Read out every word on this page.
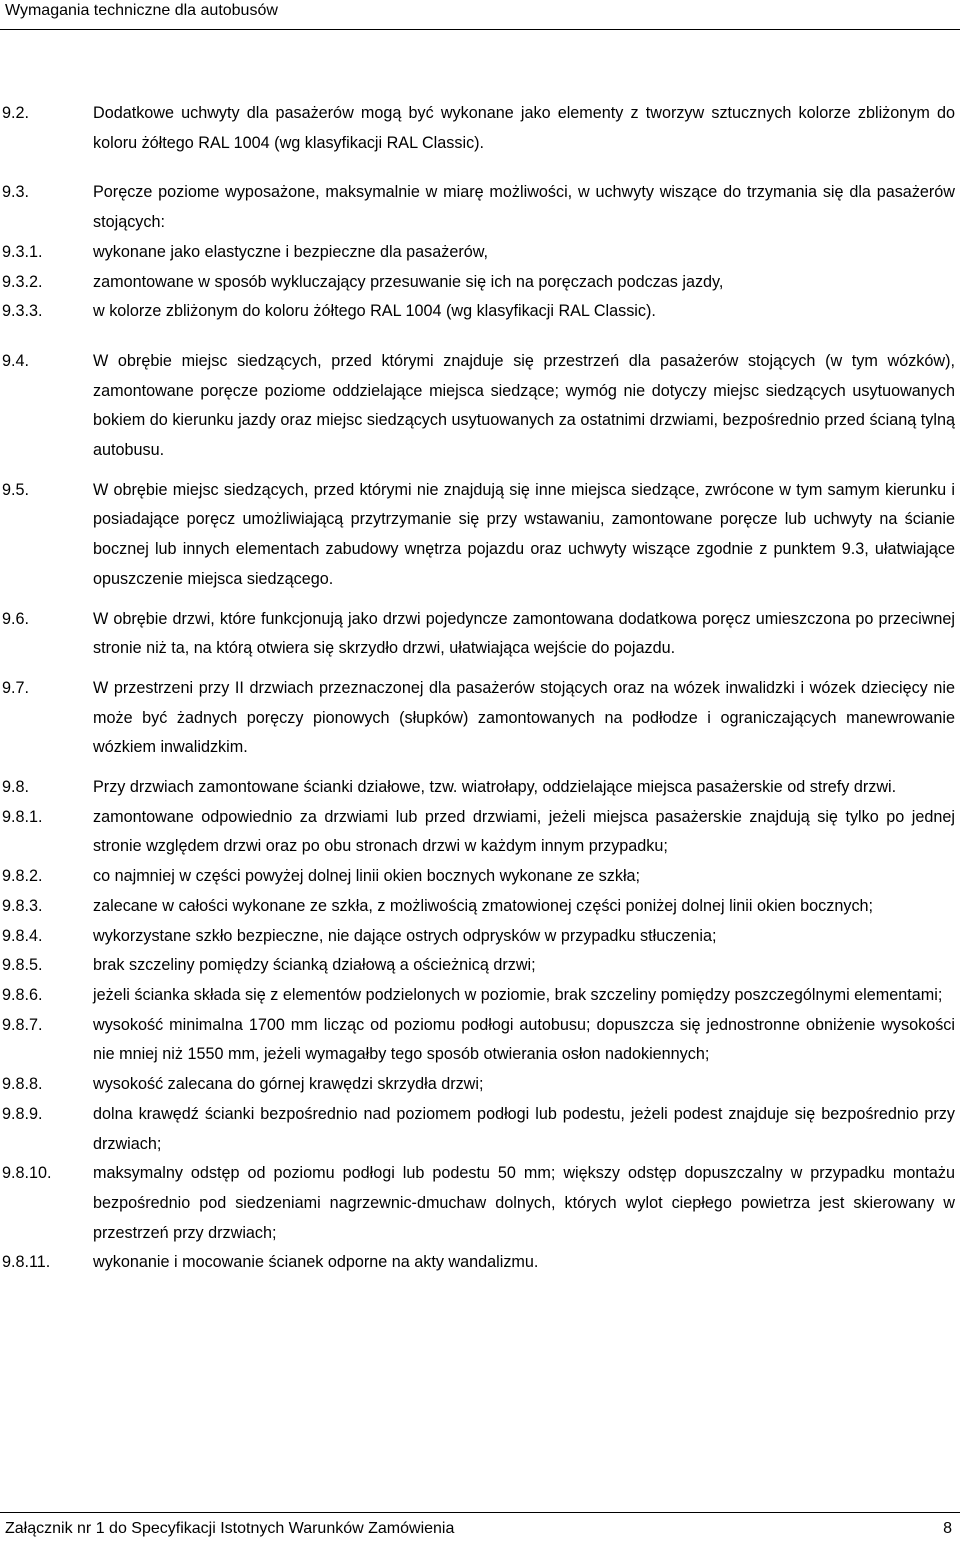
Wymagania techniczne dla autobusów
9.2.	Dodatkowe uchwyty dla pasażerów mogą być wykonane jako elementy z tworzyw sztucznych kolorze zbliżonym do koloru żółtego RAL 1004 (wg klasyfikacji RAL Classic).
9.3.	Poręcze poziome wyposażone, maksymalnie w miarę możliwości, w uchwyty wiszące do trzymania się dla pasażerów stojących:
9.3.1.	wykonane jako elastyczne i bezpieczne dla pasażerów,
9.3.2.	zamontowane w sposób wykluczający przesuwanie się ich na poręczach podczas jazdy,
9.3.3.	w kolorze zbliżonym do koloru żółtego RAL 1004 (wg klasyfikacji RAL Classic).
9.4.	W obrębie miejsc siedzących, przed którymi znajduje się przestrzeń dla pasażerów stojących (w tym wózków), zamontowane poręcze poziome oddzielające miejsca siedzące; wymóg nie dotyczy miejsc siedzących usytuowanych bokiem do kierunku jazdy oraz miejsc siedzących usytuowanych za ostatnimi drzwiami, bezpośrednio przed ścianą tylną autobusu.
9.5.	W obrębie miejsc siedzących, przed którymi nie znajdują się inne miejsca siedzące, zwrócone w tym samym kierunku i posiadające poręcz umożliwiającą przytrzymanie się przy wstawaniu, zamontowane poręcze lub uchwyty na ścianie bocznej lub innych elementach zabudowy wnętrza pojazdu oraz uchwyty wiszące zgodnie z punktem 9.3, ułatwiające opuszczenie miejsca siedzącego.
9.6.	W obrębie drzwi, które funkcjonują jako drzwi pojedyncze zamontowana dodatkowa poręcz umieszczona po przeciwnej stronie niż ta, na którą otwiera się skrzydło drzwi, ułatwiająca wejście do pojazdu.
9.7.	W przestrzeni przy II drzwiach przeznaczonej dla pasażerów stojących oraz na wózek inwalidzki i wózek dziecięcy nie może być żadnych poręczy pionowych (słupków) zamontowanych na podłodze i ograniczających manewrowanie wózkiem inwalidzkim.
9.8.	Przy drzwiach zamontowane ścianki działowe, tzw. wiatrołapy, oddzielające miejsca pasażerskie od strefy drzwi.
9.8.1.	zamontowane odpowiednio za drzwiami lub przed drzwiami, jeżeli miejsca pasażerskie znajdują się tylko po jednej stronie względem drzwi oraz po obu stronach drzwi w każdym innym przypadku;
9.8.2.	co najmniej w części powyżej dolnej linii okien bocznych wykonane ze szkła;
9.8.3.	zalecane w całości wykonane ze szkła, z możliwością zmatowionej części poniżej dolnej linii okien bocznych;
9.8.4.	wykorzystane szkło bezpieczne, nie dające ostrych odprysków w przypadku stłuczenia;
9.8.5.	brak szczeliny pomiędzy ścianką działową a ościeżnicą drzwi;
9.8.6.	jeżeli ścianka składa się z elementów podzielonych w poziomie, brak szczeliny pomiędzy poszczególnymi elementami;
9.8.7.	wysokość minimalna 1700 mm licząc od poziomu podłogi autobusu; dopuszcza się jednostronne obniżenie wysokości nie mniej niż 1550 mm, jeżeli wymagałby tego sposób otwierania osłon nadokiennych;
9.8.8.	wysokość zalecana do górnej krawędzi skrzydła drzwi;
9.8.9.	dolna krawędź ścianki bezpośrednio nad poziomem podłogi lub podestu, jeżeli podest znajduje się bezpośrednio przy drzwiach;
9.8.10.	maksymalny odstęp od poziomu podłogi lub podestu 50 mm; większy odstęp dopuszczalny w przypadku montażu bezpośrednio pod siedzeniami nagrzewnic-dmuchaw dolnych, których wylot ciepłego powietrza jest skierowany w przestrzeń przy drzwiach;
9.8.11.	wykonanie i mocowanie ścianek odporne na akty wandalizmu.
Załącznik nr 1 do Specyfikacji Istotnych Warunków Zamówienia	8
